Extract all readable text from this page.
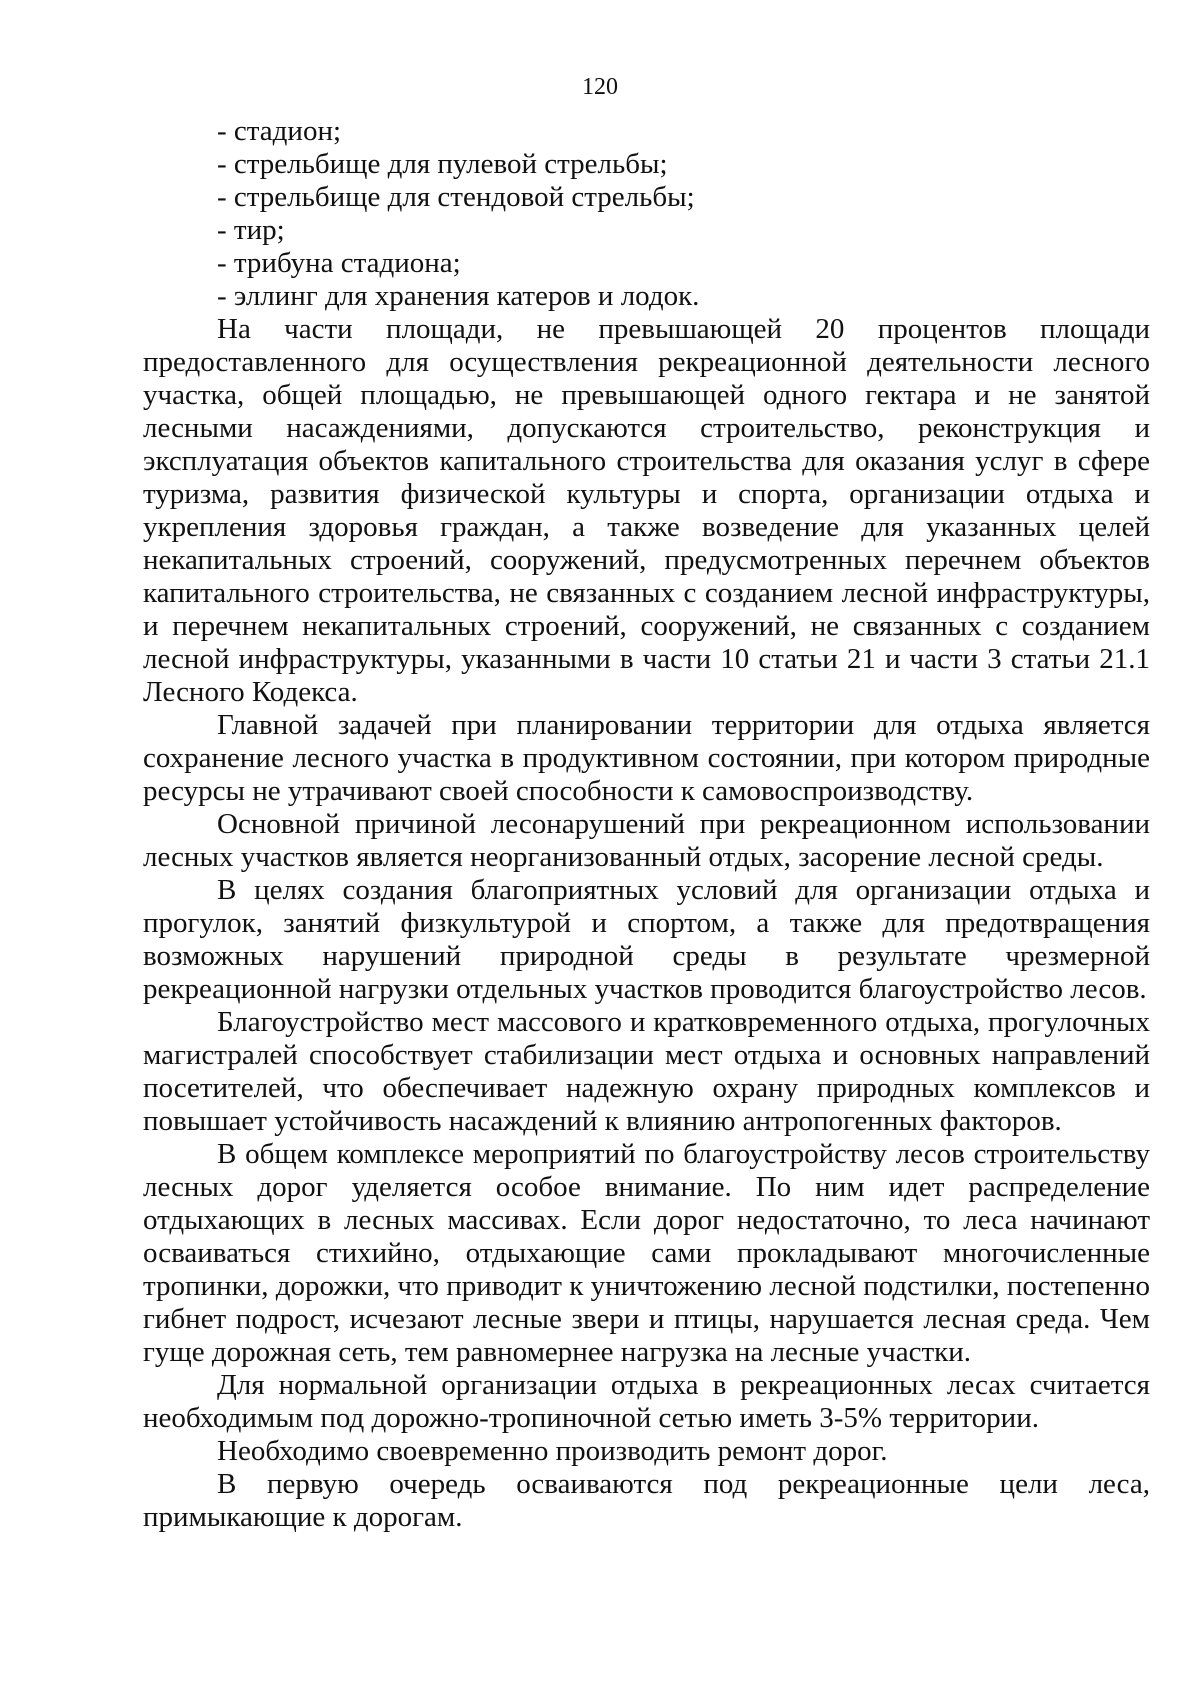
120

- стадион;

- стрельбище для пулевой стрельбы;

- стрельбище для стендовой стрельбы;

- тир;

- трибуна стадиона;

- эллинг для хранения катеров и лодок.

На части площади, не превышающей 20 процентов площади предоставленного для осуществления рекреационной деятельности лесного участка, общей площадью, не превышающей одного гектара и не занятой лесными насаждениями, допускаются строительство, реконструкция и эксплуатация объектов капитального строительства для оказания услуг в сфере туризма, развития физической культуры и спорта, организации отдыха и укрепления здоровья граждан, а также возведение для указанных целей некапитальных строений, сооружений, предусмотренных перечнем объектов капитального строительства, не связанных с созданием лесной инфраструктуры, и перечнем некапитальных строений, сооружений, не связанных с созданием лесной инфраструктуры, указанными в части 10 статьи 21 и части 3 статьи 21.1 Лесного Кодекса.

Главной задачей при планировании территории для отдыха является сохранение лесного участка в продуктивном состоянии, при котором природные ресурсы не утрачивают своей способности к самовоспроизводству.

Основной причиной лесонарушений при рекреационном использовании лесных участков является неорганизованный отдых, засорение лесной среды.

В целях создания благоприятных условий для организации отдыха и прогулок, занятий физкультурой и спортом, а также для предотвращения возможных нарушений природной среды в результате чрезмерной рекреационной нагрузки отдельных участков проводится благоустройство лесов.

Благоустройство мест массового и кратковременного отдыха, прогулочных магистралей способствует стабилизации мест отдыха и основных направлений посетителей, что обеспечивает надежную охрану природных комплексов и повышает устойчивость насаждений к влиянию антропогенных факторов.

В общем комплексе мероприятий по благоустройству лесов строительству лесных дорог уделяется особое внимание. По ним идет распределение отдыхающих в лесных массивах. Если дорог недостаточно, то леса начинают осваиваться стихийно, отдыхающие сами прокладывают многочисленные тропинки, дорожки, что приводит к уничтожению лесной подстилки, постепенно гибнет подрост, исчезают лесные звери и птицы, нарушается лесная среда. Чем гуще дорожная сеть, тем равномернее нагрузка на лесные участки.

Для нормальной организации отдыха в рекреационных лесах считается необходимым под дорожно-тропиночной сетью иметь 3-5% территории.

Необходимо своевременно производить ремонт дорог.

В первую очередь осваиваются под рекреационные цели леса, примыкающие к дорогам.
